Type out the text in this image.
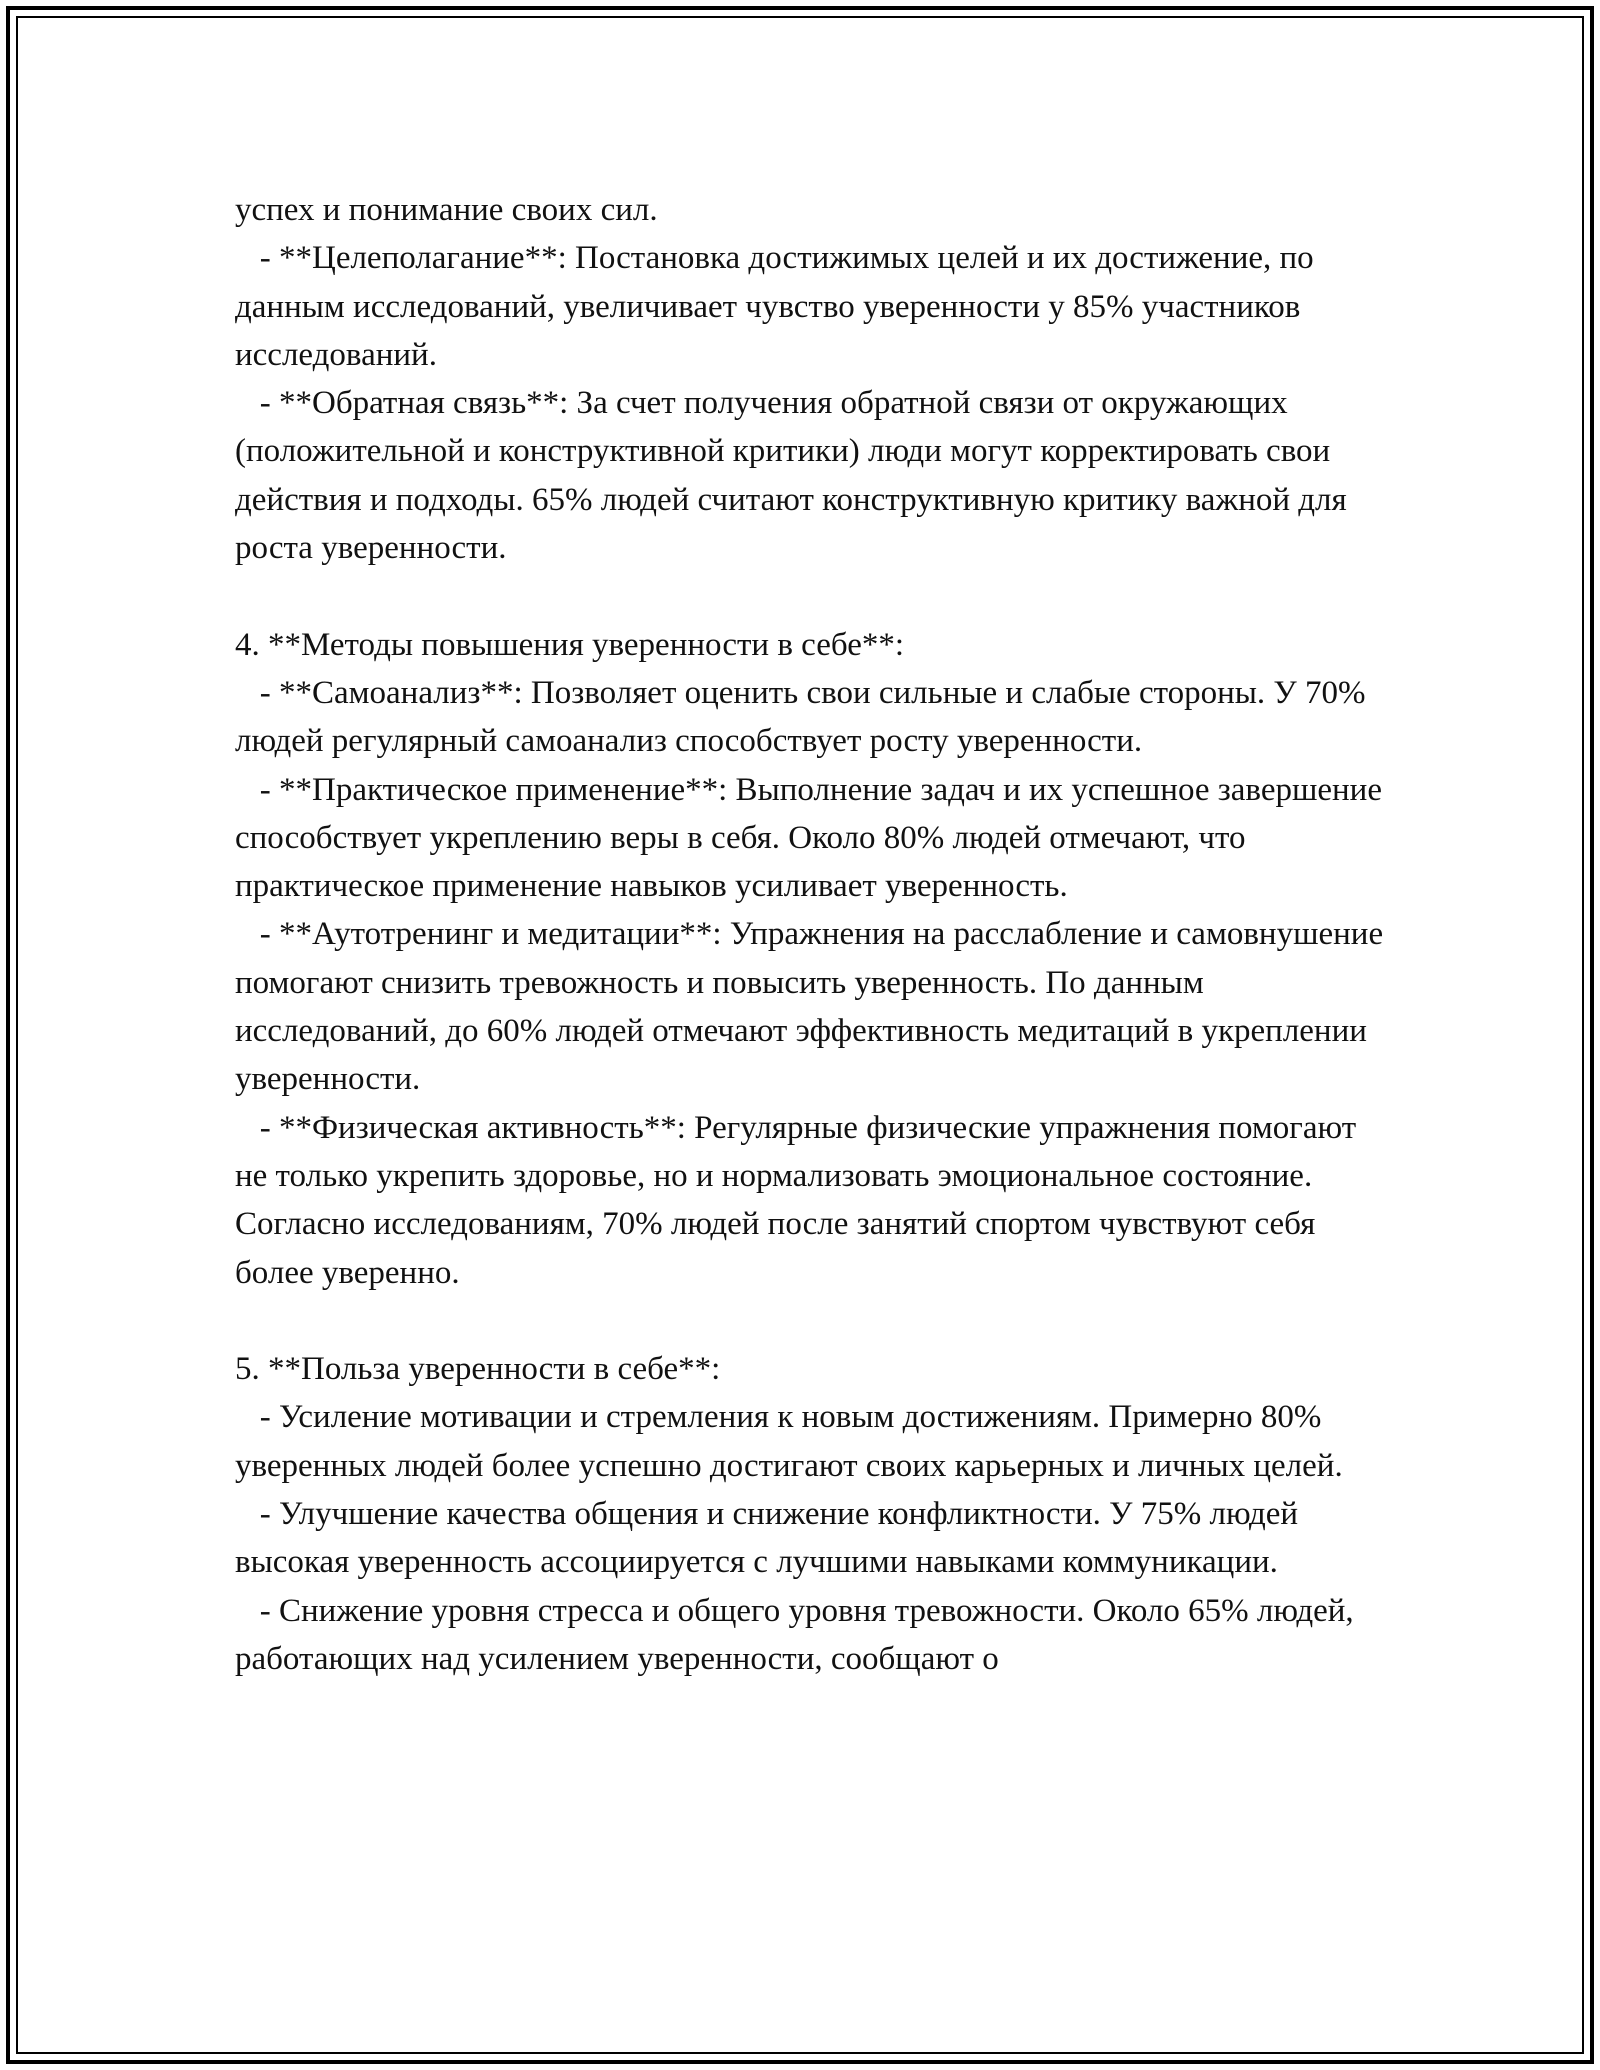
успех и понимание своих сил.

- **Целеполагание**: Постановка достижимых целей и их достижение, по данным исследований, увеличивает чувство уверенности у 85% участников исследований.

- **Обратная связь**: За счет получения обратной связи от окружающих (положительной и конструктивной критики) люди могут корректировать свои действия и подходы. 65% людей считают конструктивную критику важной для роста уверенности.

4. **Методы повышения уверенности в себе**:

- **Самоанализ**: Позволяет оценить свои сильные и слабые стороны. У 70% людей регулярный самоанализ способствует росту уверенности.

- **Практическое применение**: Выполнение задач и их успешное завершение способствует укреплению веры в себя. Около 80% людей отмечают, что практическое применение навыков усиливает уверенность.

- **Аутотренинг и медитации**: Упражнения на расслабление и самовнушение помогают снизить тревожность и повысить уверенность. По данным исследований, до 60% людей отмечают эффективность медитаций в укреплении уверенности.

- **Физическая активность**: Регулярные физические упражнения помогают не только укрепить здоровье, но и нормализовать эмоциональное состояние. Согласно исследованиям, 70% людей после занятий спортом чувствуют себя более уверенно.

5. **Польза уверенности в себе**:

- Усиление мотивации и стремления к новым достижениям. Примерно 80% уверенных людей более успешно достигают своих карьерных и личных целей.

- Улучшение качества общения и снижение конфликтности. У 75% людей высокая уверенность ассоциируется с лучшими навыками коммуникации.

- Снижение уровня стресса и общего уровня тревожности. Около 65% людей, работающих над усилением уверенности, сообщают о
